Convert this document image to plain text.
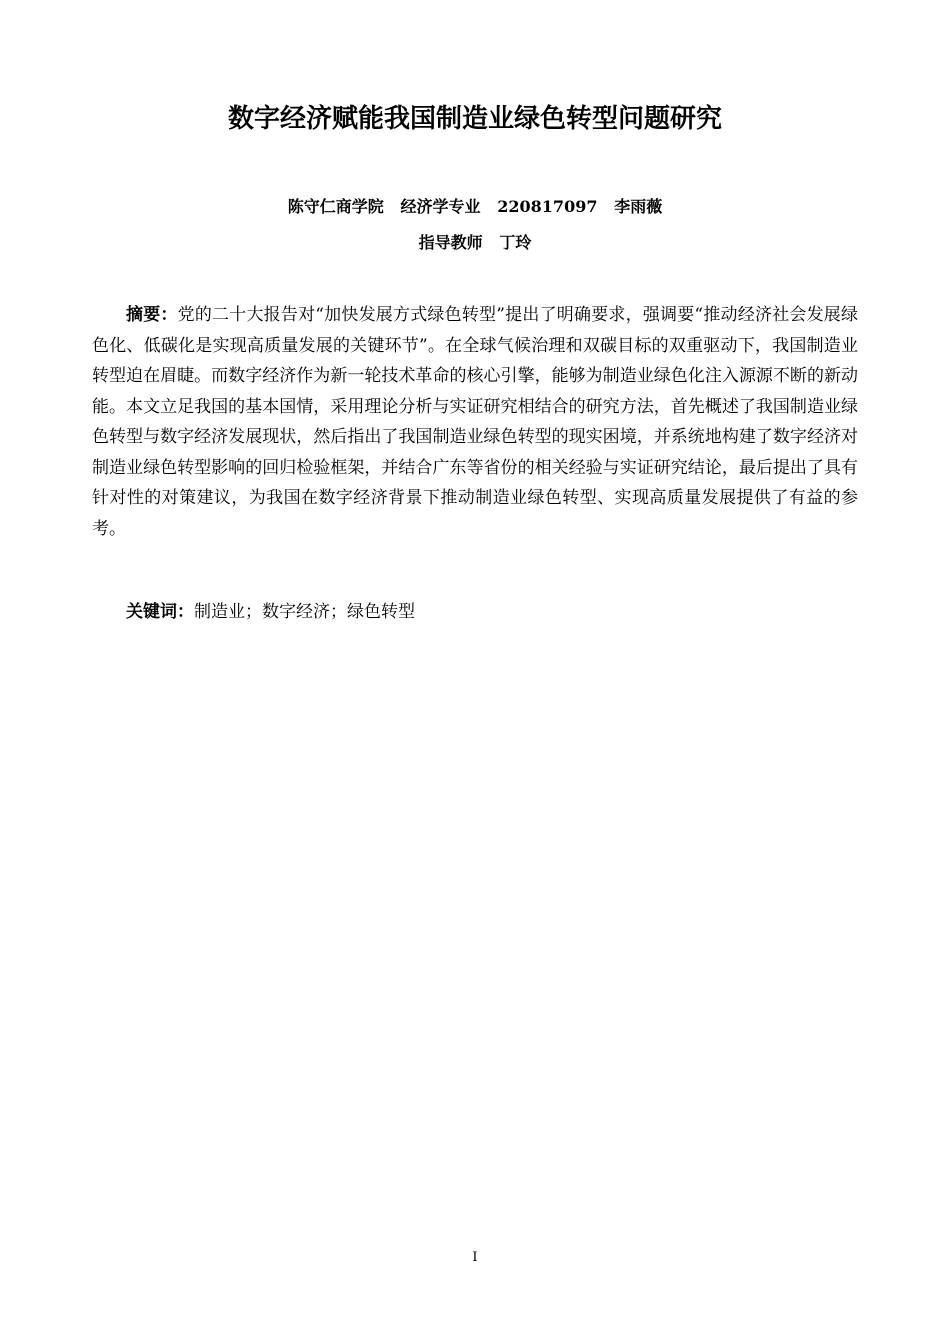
数字经济赋能我国制造业绿色转型问题研究
陈守仁商学院 经济学专业 220817097 李雨薇
指导教师 丁玲

摘要：党的二十大报告对“加快发展方式绿色转型”提出了明确要求，强调要“推动经济社会发展绿色化、低碳化是实现高质量发展的关键环节”。在全球气候治理和双碳目标的双重驱动下，我国制造业转型迫在眉睫。而数字经济作为新一轮技术革命的核心引擎，能够为制造业绿色化注入源源不断的新动能。本文立足我国的基本国情，采用理论分析与实证研究相结合的研究方法，首先概述了我国制造业绿色转型与数字经济发展现状，然后指出了我国制造业绿色转型的现实困境，并系统地构建了数字经济对制造业绿色转型影响的回归检验框架，并结合广东等省份的相关经验与实证研究结论，最后提出了具有针对性的对策建议，为我国在数字经济背景下推动制造业绿色转型、实现高质量发展提供了有益的参考。

关键词：制造业；数字经济；绿色转型

I
